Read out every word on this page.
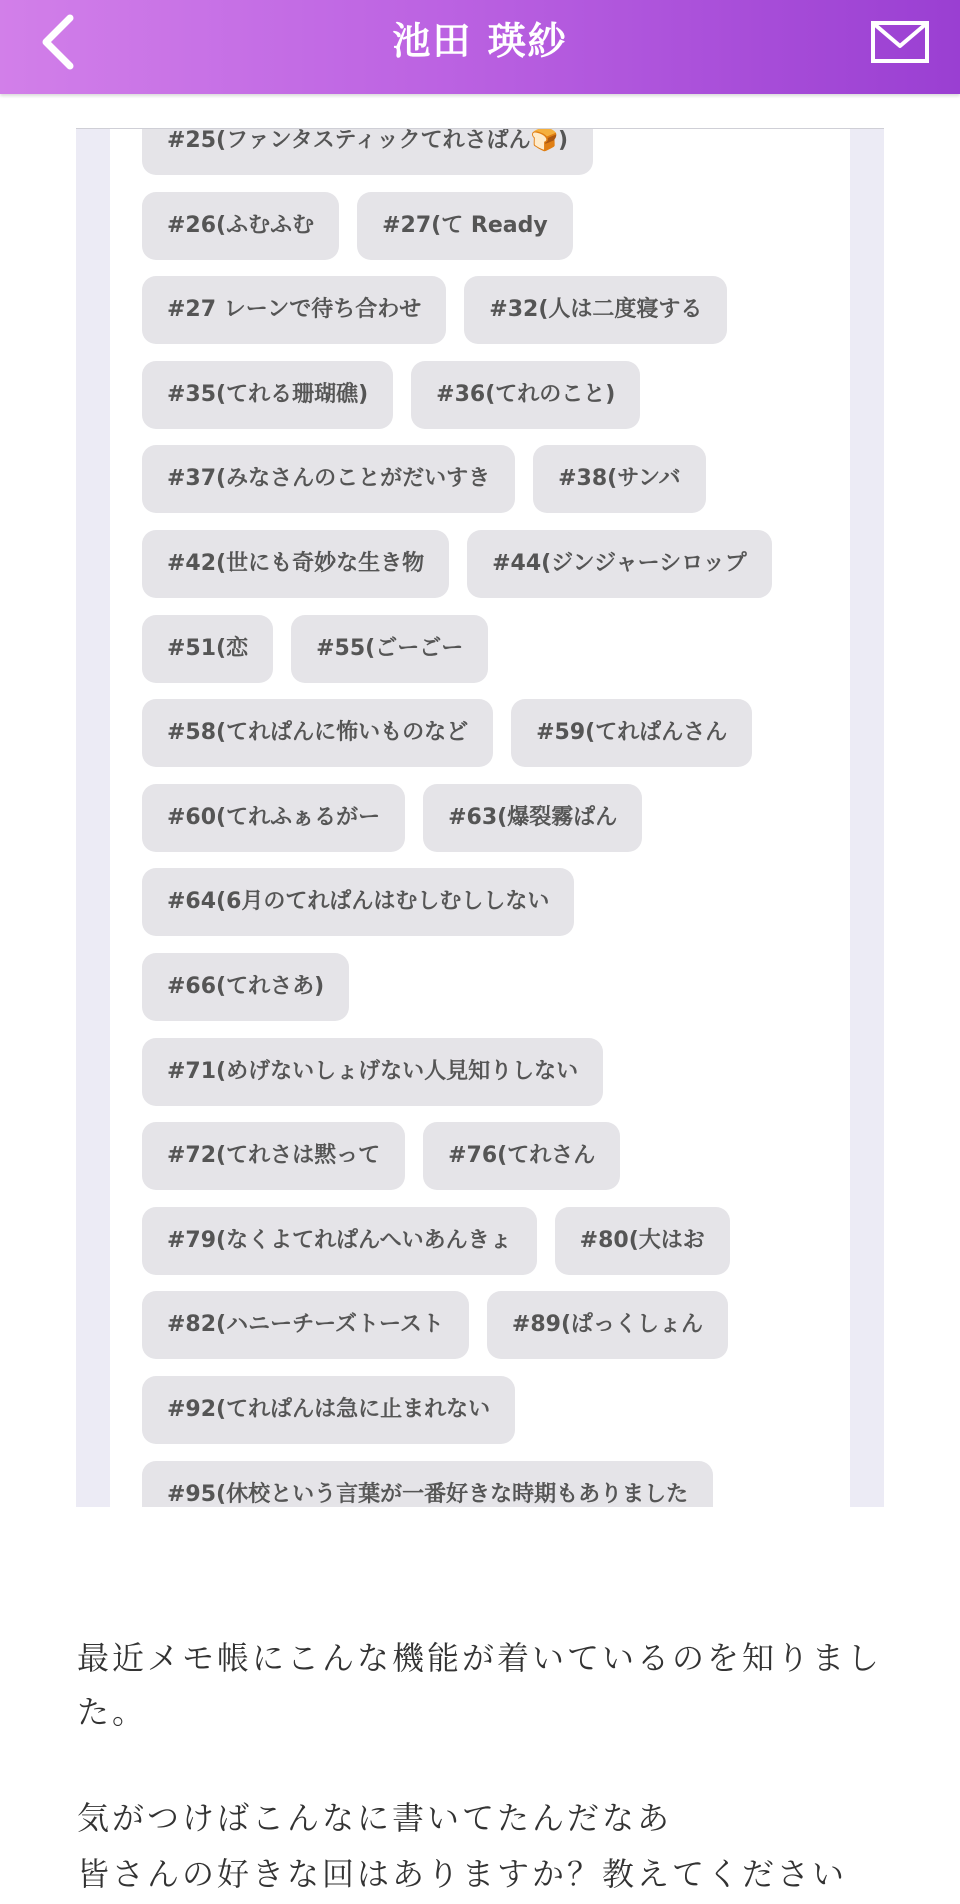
池田 瑛紗
#25(ファンタスティックてれさぱん🍞)
#26(ふむふむ	#27(て Ready
#27 レーンで待ち合わせ	#32(人は二度寝する
#35(てれる珊瑚礁)	#36(てれのこと)
#37(みなさんのことがだいすき	#38(サンバ
#42(世にも奇妙な生き物	#44(ジンジャーシロップ
#51(恋	#55(ごーごー
#58(てれぱんに怖いものなど	#59(てれぱんさん
#60(てれふぁるがー	#63(爆裂霧ぱん
#64(6月のてれぱんはむしむししない
#66(てれさあ)
#71(めげないしょげない人見知りしない
#72(てれさは黙って	#76(てれさん
#79(なくよてれぱんへいあんきょ	#80(大はお
#82(ハニーチーズトースト	#89(ぱっくしょん
#92(てれぱんは急に止まれない
#95(休校という言葉が一番好きな時期もありました
最近メモ帳にこんな機能が着いているのを知りまし
た。
気がつけばこんなに書いてたんだなあ
皆さんの好きな回はありますか？教えてください
